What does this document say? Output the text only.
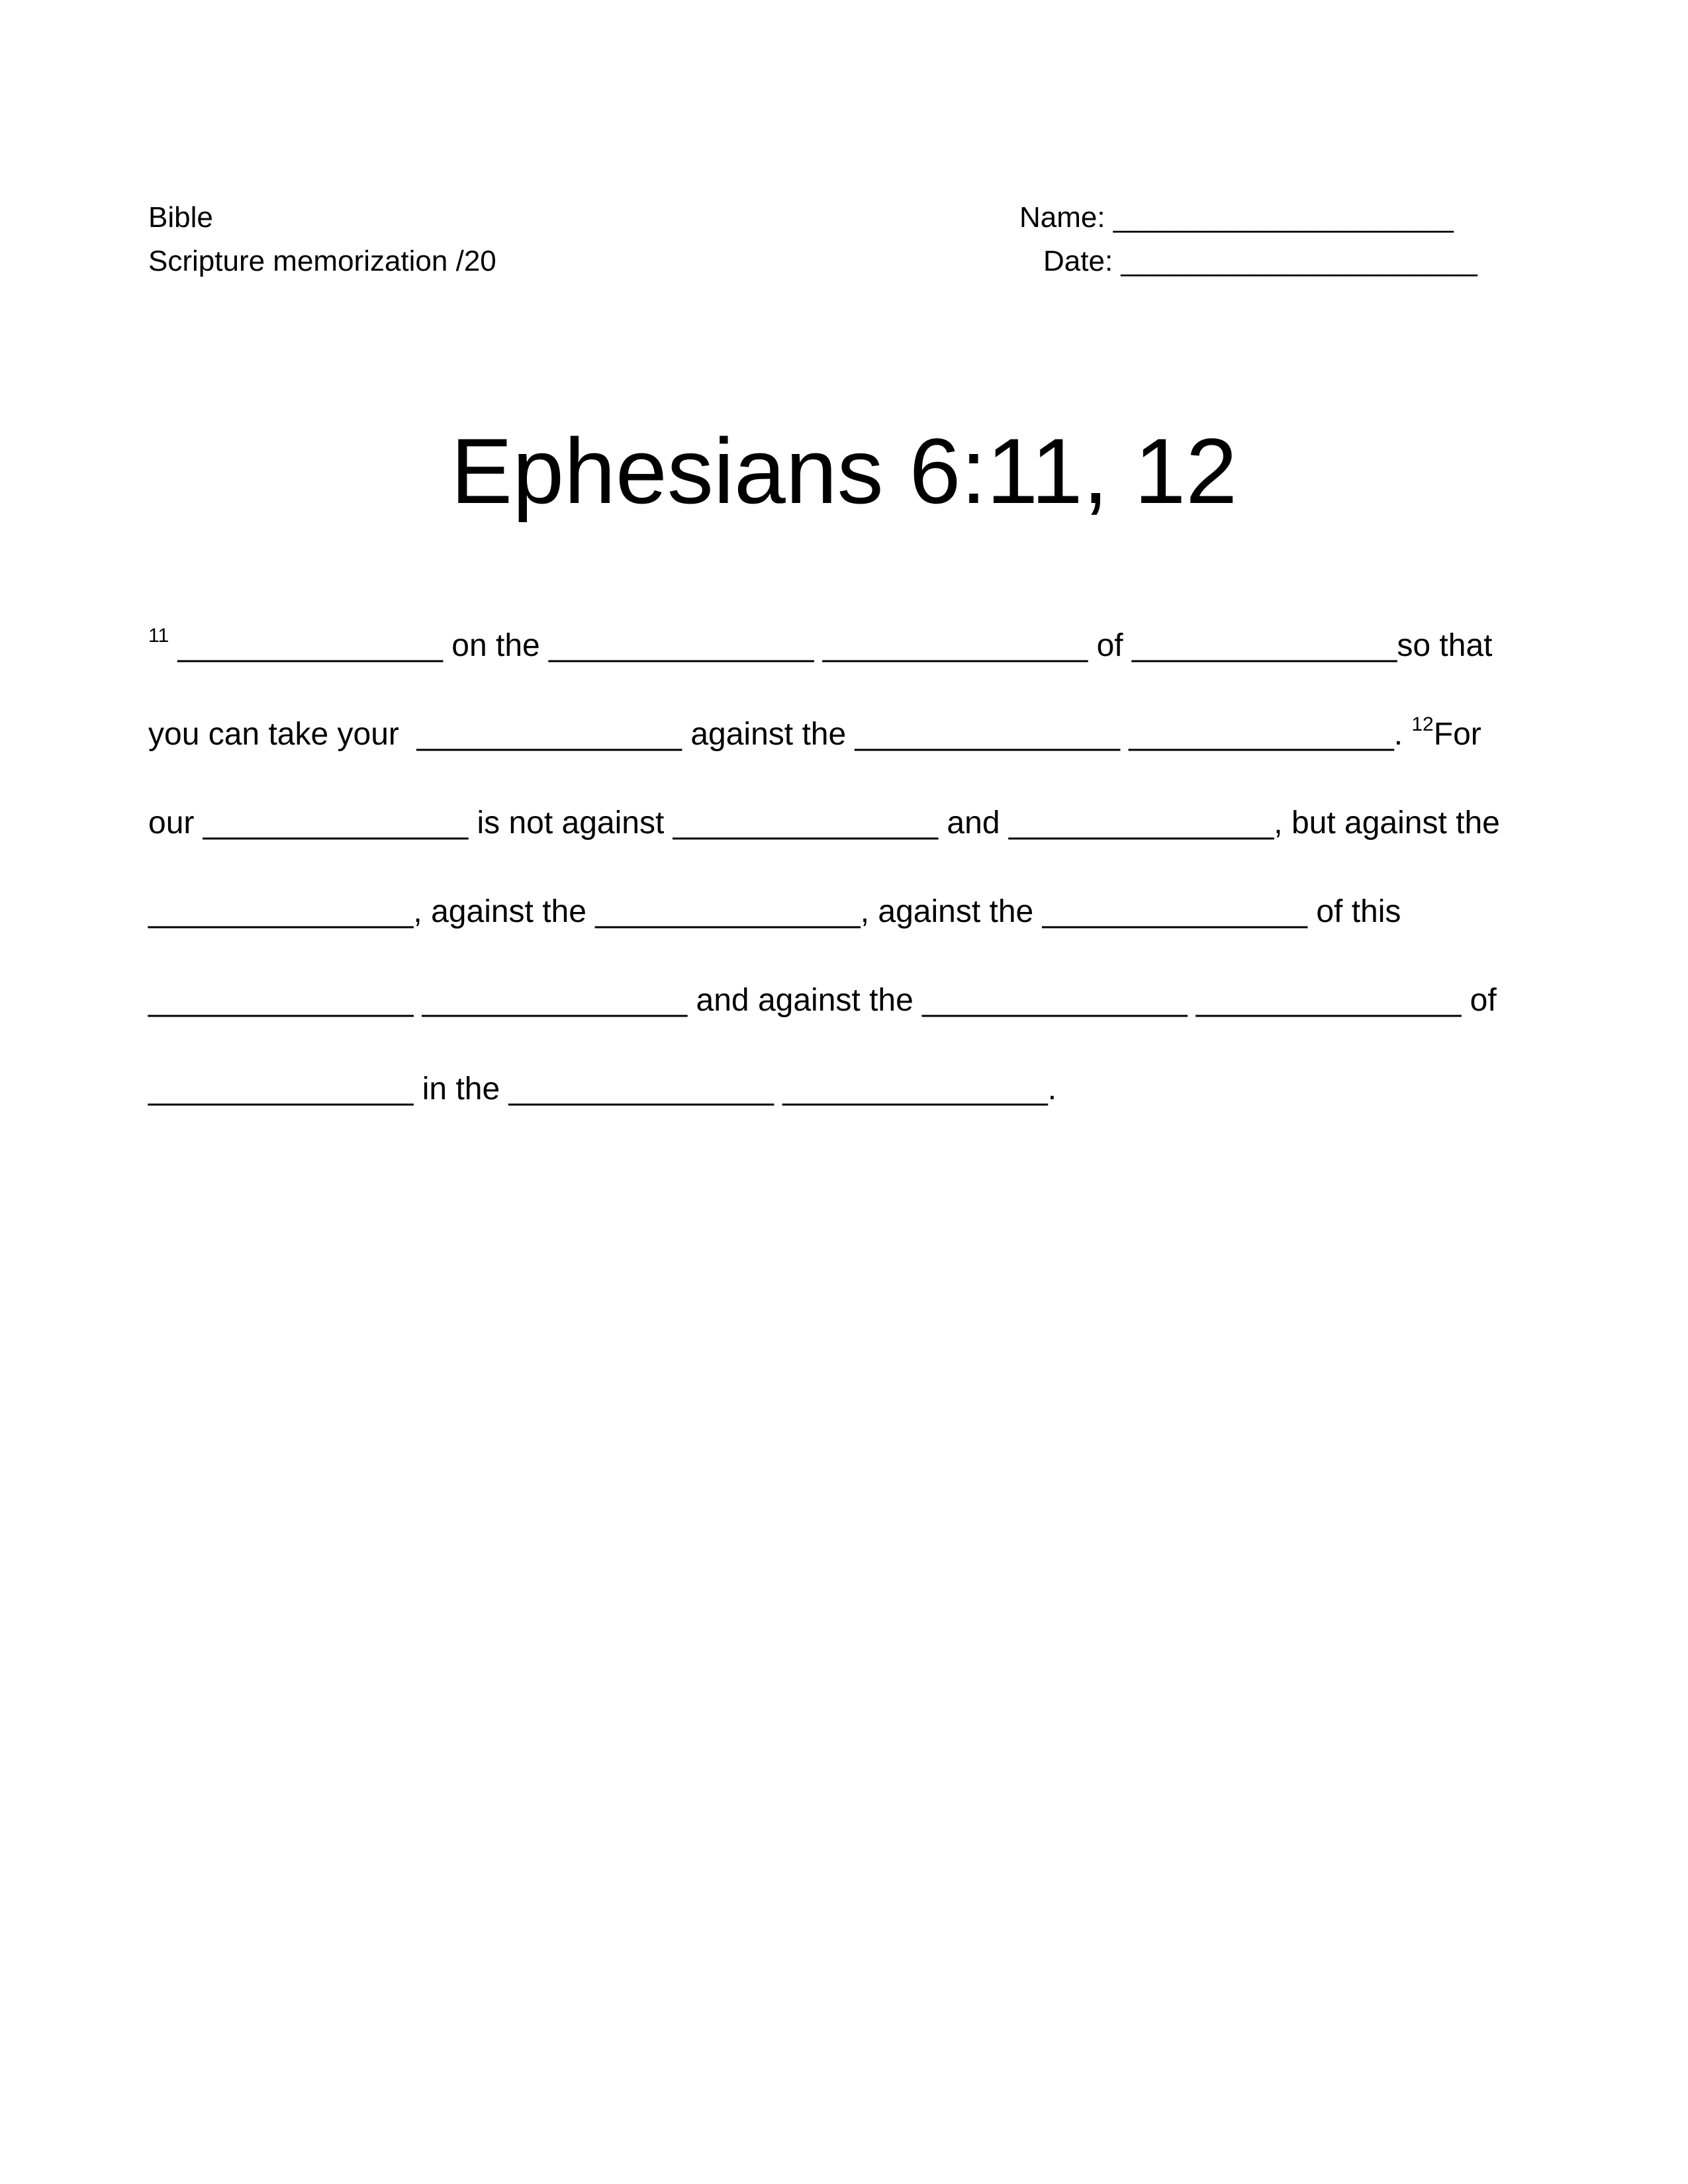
Bible
Scripture memorization /20
Name: _____________________
Date: ______________________
Ephesians 6:11, 12
$^{11}$ _______________ on the _______________ _______________ of _______________so that
you can take your  _______________ against the _______________ _______________. $^{12}$For
our _______________ is not against _______________ and _______________, but against the
_______________, against the _______________, against the _______________ of this
_______________ _______________ and against the _______________ _______________ of
_______________ in the _______________ _______________.
